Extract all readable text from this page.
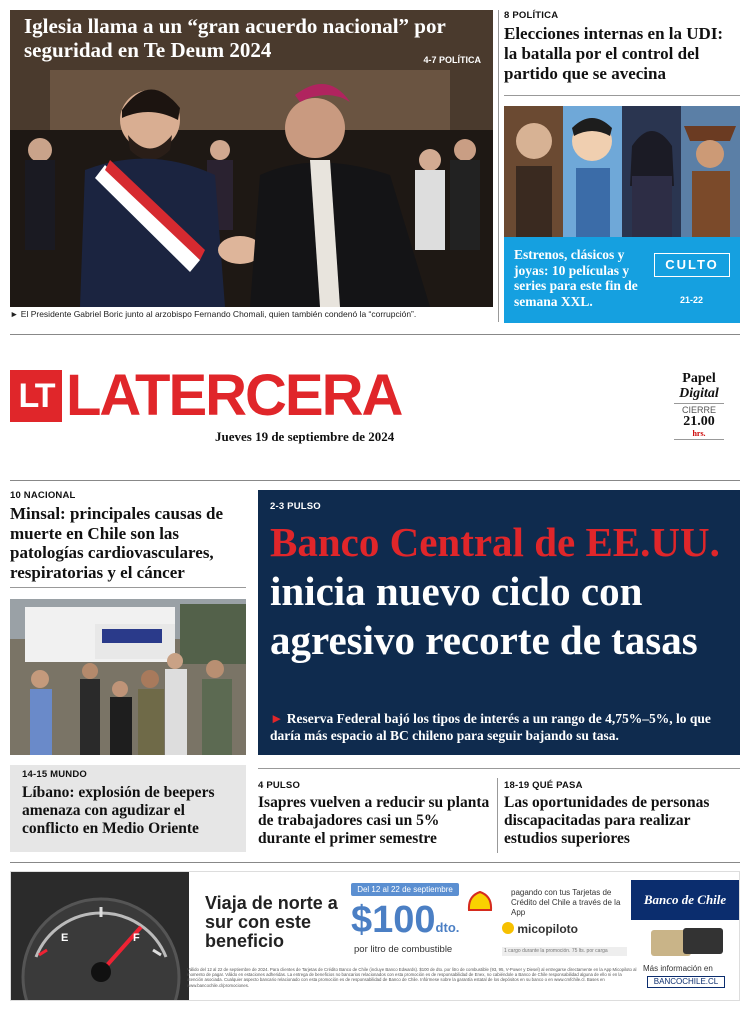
Iglesia llama a un “gran acuerdo nacional” por seguridad en Te Deum 2024	4-7 POLÍTICA
► El Presidente Gabriel Boric junto al arzobispo Fernando Chomali, quien también condenó la “corrupción”.
8 POLÍTICA
Elecciones internas en la UDI: la batalla por el control del partido que se avecina
Estrenos, clásicos y joyas: 10 películas y series para este fin de semana XXL.
CULTO
21-22
LT LATERCERA
Jueves 19 de septiembre de 2024
Papel
Digital
CIERRE
21.00
hrs.
10 NACIONAL
Minsal: principales causas de muerte en Chile son las patologías cardiovasculares, respiratorias y el cáncer
14-15 MUNDO
Líbano: explosión de beepers amenaza con agudizar el conflicto en Medio Oriente
2-3 PULSO
Banco Central de EE.UU. inicia nuevo ciclo con agresivo recorte de tasas
► Reserva Federal bajó los tipos de interés a un rango de 4,75%–5%, lo que daría más espacio al BC chileno para seguir bajando su tasa.
4 PULSO
Isapres vuelven a reducir su planta de trabajadores casi un 5% durante el primer semestre
18-19 QUÉ PASA
Las oportunidades de personas discapacitadas para realizar estudios superiores
E	F
Viaja de norte a sur con este beneficio
Del 12 al 22 de septiembre
$100dto.
por litro de combustible
pagando con tus Tarjetas de Crédito del Chile a través de la App
micopiloto
1 cargo durante la promoción. 75 lts. por carga
Banco de Chile
Más información en
BANCOCHILE.CL
Válido del 12 al 22 de septiembre de 2024. Para clientes de Tarjetas de Crédito Banco de Chile (incluye Banco Edwards). $100 de dto. por litro de combustible (93, 95, V-Power y Diesel) al entregarse directamente en la App Micopiloto al momento de pagar. Válido en estaciones adheridas. La entrega de beneficios no bancarios relacionados con esta promoción es de responsabilidad de Enex, no cabiéndole a Banco de Chile responsabilidad alguna de ello ni en la atención asociada. Cualquier aspecto bancario relacionado con esta promoción es de responsabilidad de Banco de Chile. Infórmese sobre la garantía estatal de los depósitos en su banco o en www.cmfchile.cl. Bases en www.bancochile.cl/promociones.
